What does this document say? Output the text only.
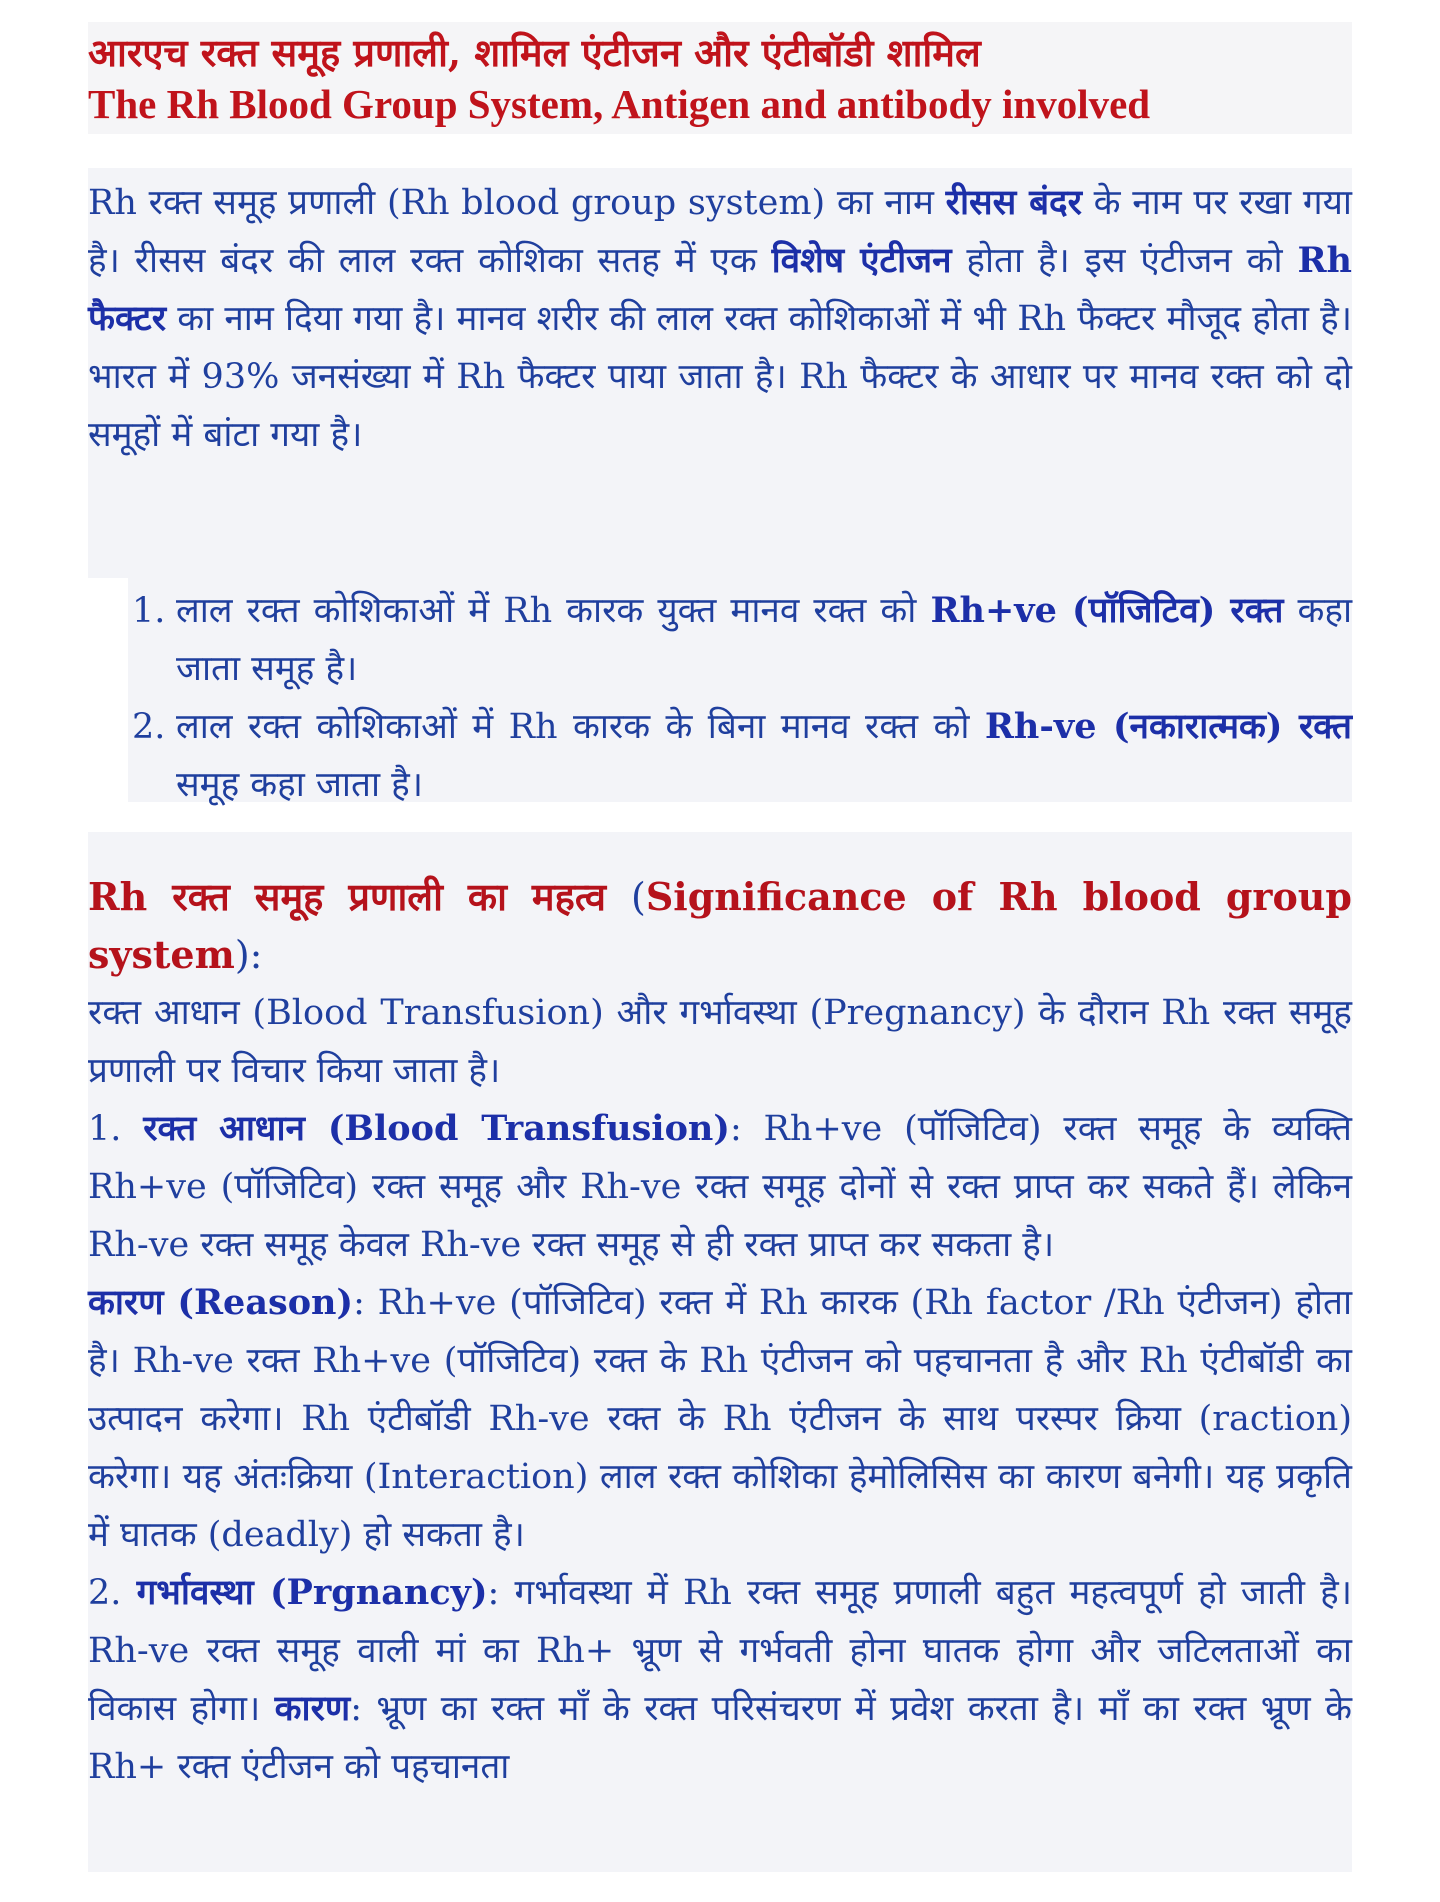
आरएच रक्त समूह प्रणाली, शामिल एंटीजन और एंटीबॉडी शामिल
The Rh Blood Group System, Antigen and antibody involved

Rh रक्त समूह प्रणाली (Rh blood group system) का नाम रीसस बंदर के नाम पर रखा गया है। रीसस बंदर की लाल रक्त कोशिका सतह में एक विशेष एंटीजन होता है। इस एंटीजन को Rh फैक्टर का नाम दिया गया है। मानव शरीर की लाल रक्त कोशिकाओं में भी Rh फैक्टर मौजूद होता है। भारत में 93% जनसंख्या में Rh फैक्टर पाया जाता है। Rh फैक्टर के आधार पर मानव रक्त को दो समूहों में बांटा गया है।

1. लाल रक्त कोशिकाओं में Rh कारक युक्त मानव रक्त को Rh+ve (पॉजिटिव) रक्त कहा जाता समूह है।
2. लाल रक्त कोशिकाओं में Rh कारक के बिना मानव रक्त को Rh-ve (नकारात्मक) रक्त समूह कहा जाता है।

Rh रक्त समूह प्रणाली का महत्व (Significance of Rh blood group system):

रक्त आधान (Blood Transfusion) और गर्भावस्था (Pregnancy) के दौरान Rh रक्त समूह प्रणाली पर विचार किया जाता है।

1. रक्त आधान (Blood Transfusion): Rh+ve (पॉजिटिव) रक्त समूह के व्यक्ति Rh+ve (पॉजिटिव) रक्त समूह और Rh-ve रक्त समूह दोनों से रक्त प्राप्त कर सकते हैं। लेकिन Rh-ve रक्त समूह केवल Rh-ve रक्त समूह से ही रक्त प्राप्त कर सकता है।

कारण (Reason): Rh+ve (पॉजिटिव) रक्त में Rh कारक (Rh factor /Rh एंटीजन) होता है। Rh-ve रक्त Rh+ve (पॉजिटिव) रक्त के Rh एंटीजन को पहचानता है और Rh एंटीबॉडी का उत्पादन करेगा। Rh एंटीबॉडी Rh-ve रक्त के Rh एंटीजन के साथ परस्पर क्रिया (raction) करेगा। यह अंतःक्रिया (Interaction) लाल रक्त कोशिका हेमोलिसिस का कारण बनेगी। यह प्रकृति में घातक (deadly) हो सकता है।

2. गर्भावस्था (Prgnancy): गर्भावस्था में Rh रक्त समूह प्रणाली बहुत महत्वपूर्ण हो जाती है। Rh-ve रक्त समूह वाली मां का Rh+ भ्रूण से गर्भवती होना घातक होगा और जटिलताओं का विकास होगा। कारण: भ्रूण का रक्त माँ के रक्त परिसंचरण में प्रवेश करता है। माँ का रक्त भ्रूण के Rh+ रक्त एंटीजन को पहचानता
